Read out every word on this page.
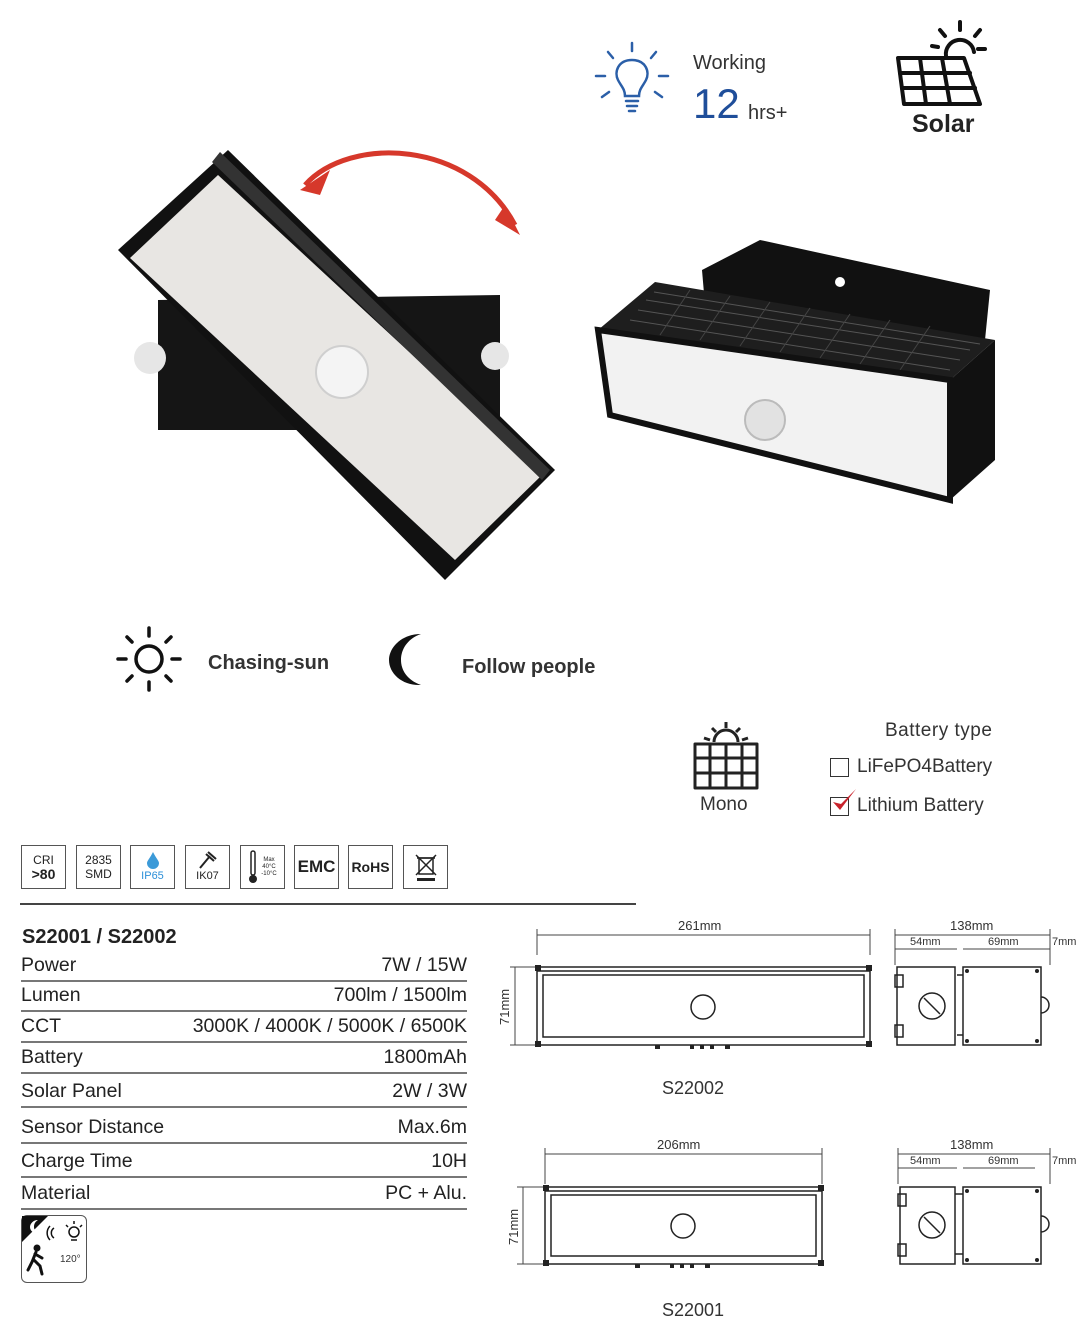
Working
12 hrs+	Solar
Chasing-sun	Follow people
Mono
Battery type
LiFePO4Battery
Lithium Battery
CRI
>80
2835
SMD	IP65	IK07
Max
40°C
-10°C EMC RoHS
S22001 / S22002
Power	7W / 15W
Lumen	700lm / 1500lm
CCT	3000K / 4000K / 5000K / 6500K
Battery	1800mAh
Solar Panel	2W / 3W
Sensor Distance	Max.6m
Charge Time	10H
Material	PC + Alu.
120°
261mm
71mm
138mm
54mm	69mm	7mm
S22002
206mm
71mm
138mm
54mm	69mm	7mm
S22001
